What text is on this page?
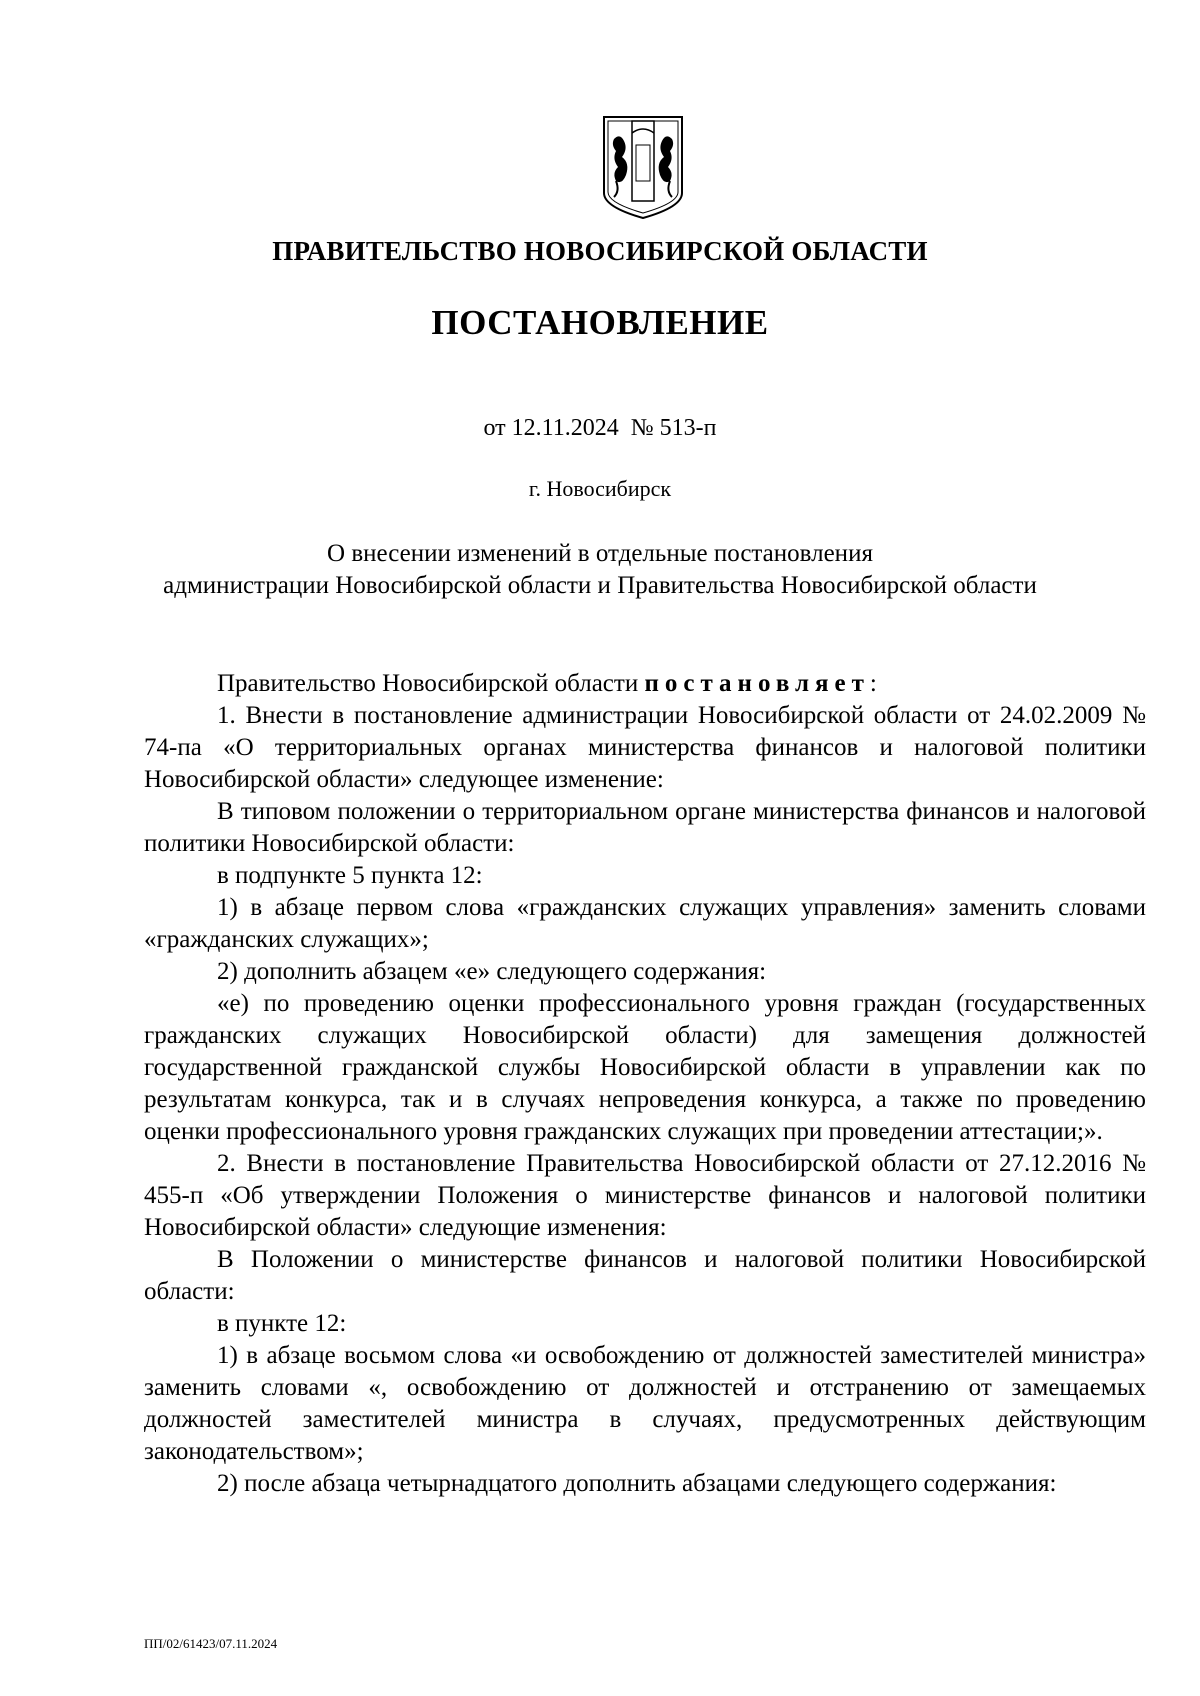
ПРАВИТЕЛЬСТВО НОВОСИБИРСКОЙ ОБЛАСТИ
ПОСТАНОВЛЕНИЕ
от 12.11.2024 № 513-п
г. Новосибирск
О внесении изменений в отдельные постановления
администрации Новосибирской области и Правительства Новосибирской области

Правительство Новосибирской области постановляет:

1. Внести в постановление администрации Новосибирской области от 24.02.2009 № 74-па «О территориальных органах министерства финансов и налоговой политики Новосибирской области» следующее изменение:

В типовом положении о территориальном органе министерства финансов и налоговой политики Новосибирской области:

в подпункте 5 пункта 12:

1) в абзаце первом слова «гражданских служащих управления» заменить словами «гражданских служащих»;

2) дополнить абзацем «е» следующего содержания:

«е) по проведению оценки профессионального уровня граждан (государственных гражданских служащих Новосибирской области) для замещения должностей государственной гражданской службы Новосибирской области в управлении как по результатам конкурса, так и в случаях непроведения конкурса, а также по проведению оценки профессионального уровня гражданских служащих при проведении аттестации;».

2. Внести в постановление Правительства Новосибирской области от 27.12.2016 № 455-п «Об утверждении Положения о министерстве финансов и налоговой политики Новосибирской области» следующие изменения:

В Положении о министерстве финансов и налоговой политики Новосибирской области:

в пункте 12:

1) в абзаце восьмом слова «и освобождению от должностей заместителей министра» заменить словами «, освобождению от должностей и отстранению от замещаемых должностей заместителей министра в случаях, предусмотренных действующим законодательством»;

2) после абзаца четырнадцатого дополнить абзацами следующего содержания:

ПП/02/61423/07.11.2024
